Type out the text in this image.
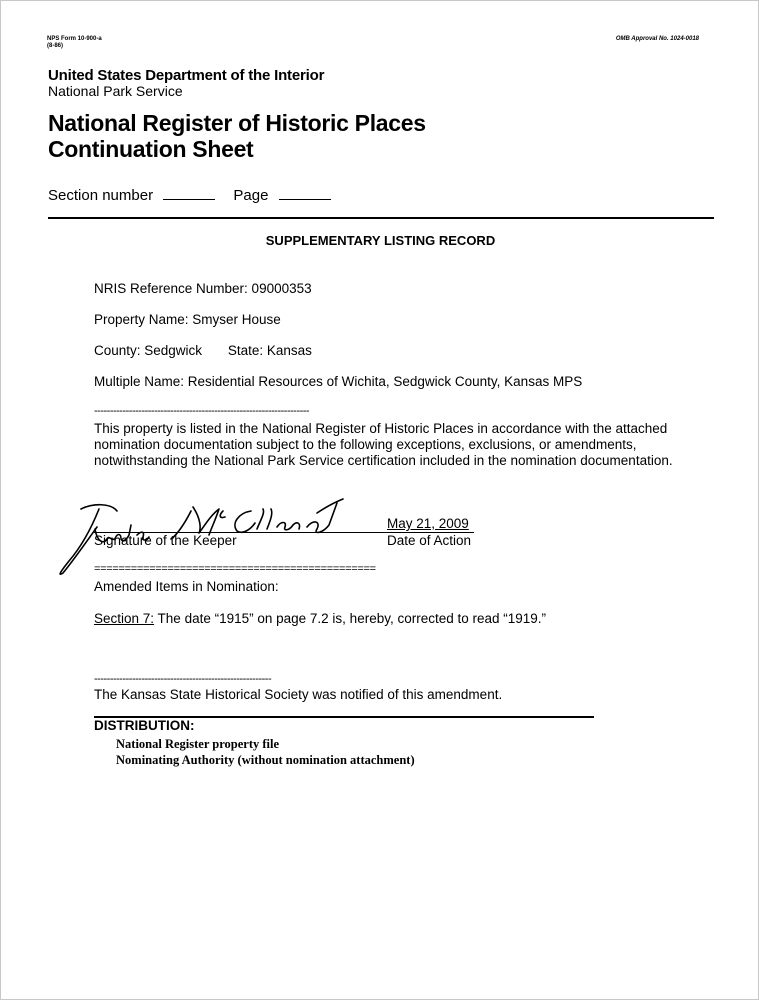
NPS Form 10-900-a
(8-86)
OMB Approval No. 1024-0018
United States Department of the Interior
National Park Service
National Register of Historic Places
Continuation Sheet
Section number	Page
SUPPLEMENTARY LISTING RECORD
NRIS Reference Number: 09000353
Property Name: Smyser House
County: Sedgwick State: Kansas
Multiple Name: Residential Resources of Wichita, Sedgwick County, Kansas MPS
--------------------------------------------------------------------
This property is listed in the National Register of Historic Places in accordance with the attached nomination documentation subject to the following exceptions, exclusions, or amendments, notwithstanding the National Park Service certification included in the nomination documentation.
Signature of the Keeper
May 21, 2009
Date of Action
==============================================
Amended Items in Nomination:
Section 7: The date “1915” on page 7.2 is, hereby, corrected to read “1919.”
--------------------------------------------------------
The Kansas State Historical Society was notified of this amendment.
DISTRIBUTION:
National Register property file
Nominating Authority (without nomination attachment)
